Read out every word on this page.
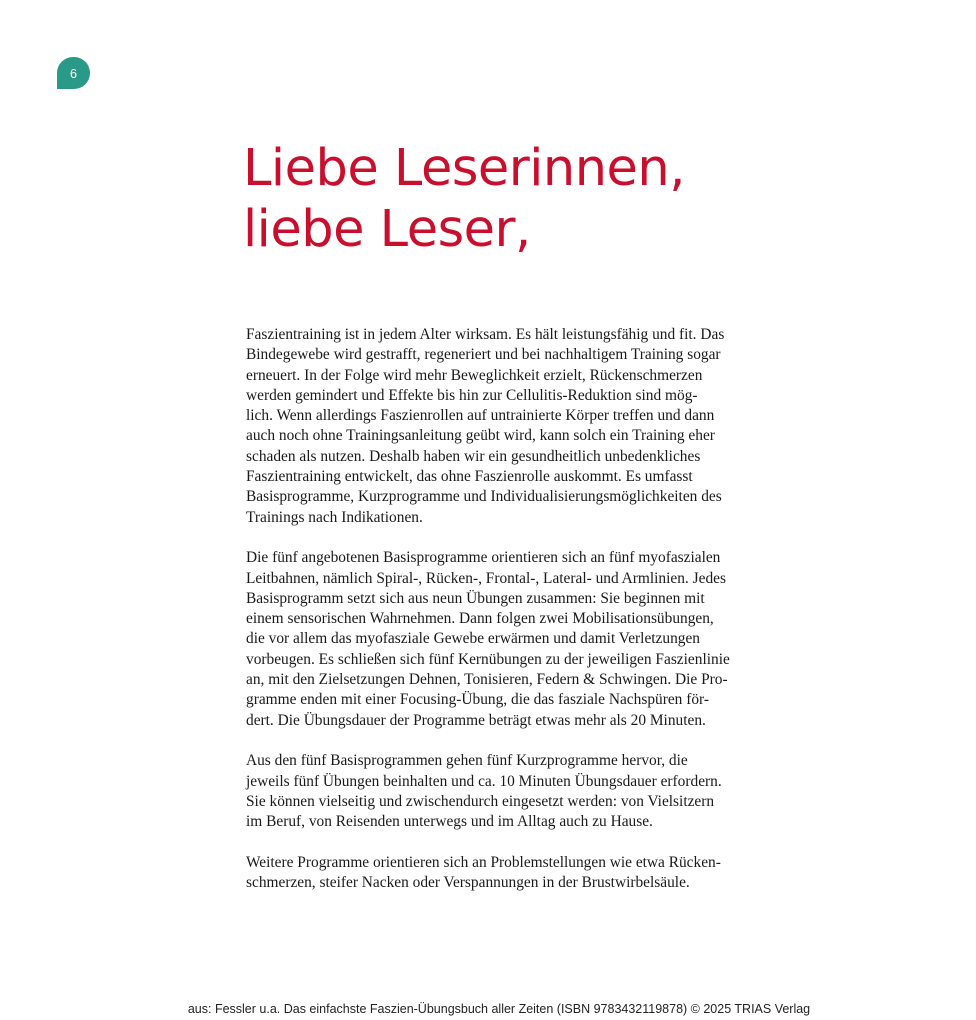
6
Liebe Leserinnen,
liebe Leser,

Faszientraining ist in jedem Alter wirksam. Es hält leistungsfähig und fit. Das
Bindegewebe wird gestrafft, regeneriert und bei nachhaltigem Training sogar
erneuert. In der Folge wird mehr Beweglichkeit erzielt, Rückenschmerzen
werden gemindert und Effekte bis hin zur Cellulitis-Reduktion sind mög-
lich. Wenn allerdings Faszienrollen auf untrainierte Körper treffen und dann
auch noch ohne Trainingsanleitung geübt wird, kann solch ein Training eher
schaden als nutzen. Deshalb haben wir ein gesundheitlich unbedenkliches
Faszientraining entwickelt, das ohne Faszienrolle auskommt. Es umfasst
Basisprogramme, Kurzprogramme und Individualisierungsmöglichkeiten des
Trainings nach Indikationen.

Die fünf angebotenen Basisprogramme orientieren sich an fünf myofaszialen
Leitbahnen, nämlich Spiral-, Rücken-, Frontal-, Lateral- und Armlinien. Jedes
Basisprogramm setzt sich aus neun Übungen zusammen: Sie beginnen mit
einem sensorischen Wahrnehmen. Dann folgen zwei Mobilisationsübungen,
die vor allem das myofasziale Gewebe erwärmen und damit Verletzungen
vorbeugen. Es schließen sich fünf Kernübungen zu der jeweiligen Faszienlinie
an, mit den Zielsetzungen Dehnen, Tonisieren, Federn & Schwingen. Die Pro-
gramme enden mit einer Focusing-Übung, die das fasziale Nachspüren för-
dert. Die Übungsdauer der Programme beträgt etwas mehr als 20 Minuten.

Aus den fünf Basisprogrammen gehen fünf Kurzprogramme hervor, die
jeweils fünf Übungen beinhalten und ca. 10 Minuten Übungsdauer erfordern.
Sie können vielseitig und zwischendurch eingesetzt werden: von Vielsitzern
im Beruf, von Reisenden unterwegs und im Alltag auch zu Hause.

Weitere Programme orientieren sich an Problemstellungen wie etwa Rücken-
schmerzen, steifer Nacken oder Verspannungen in der Brustwirbelsäule.

aus: Fessler u.a. Das einfachste Faszien-Übungsbuch aller Zeiten (ISBN 9783432119878) © 2025 TRIAS Verlag
